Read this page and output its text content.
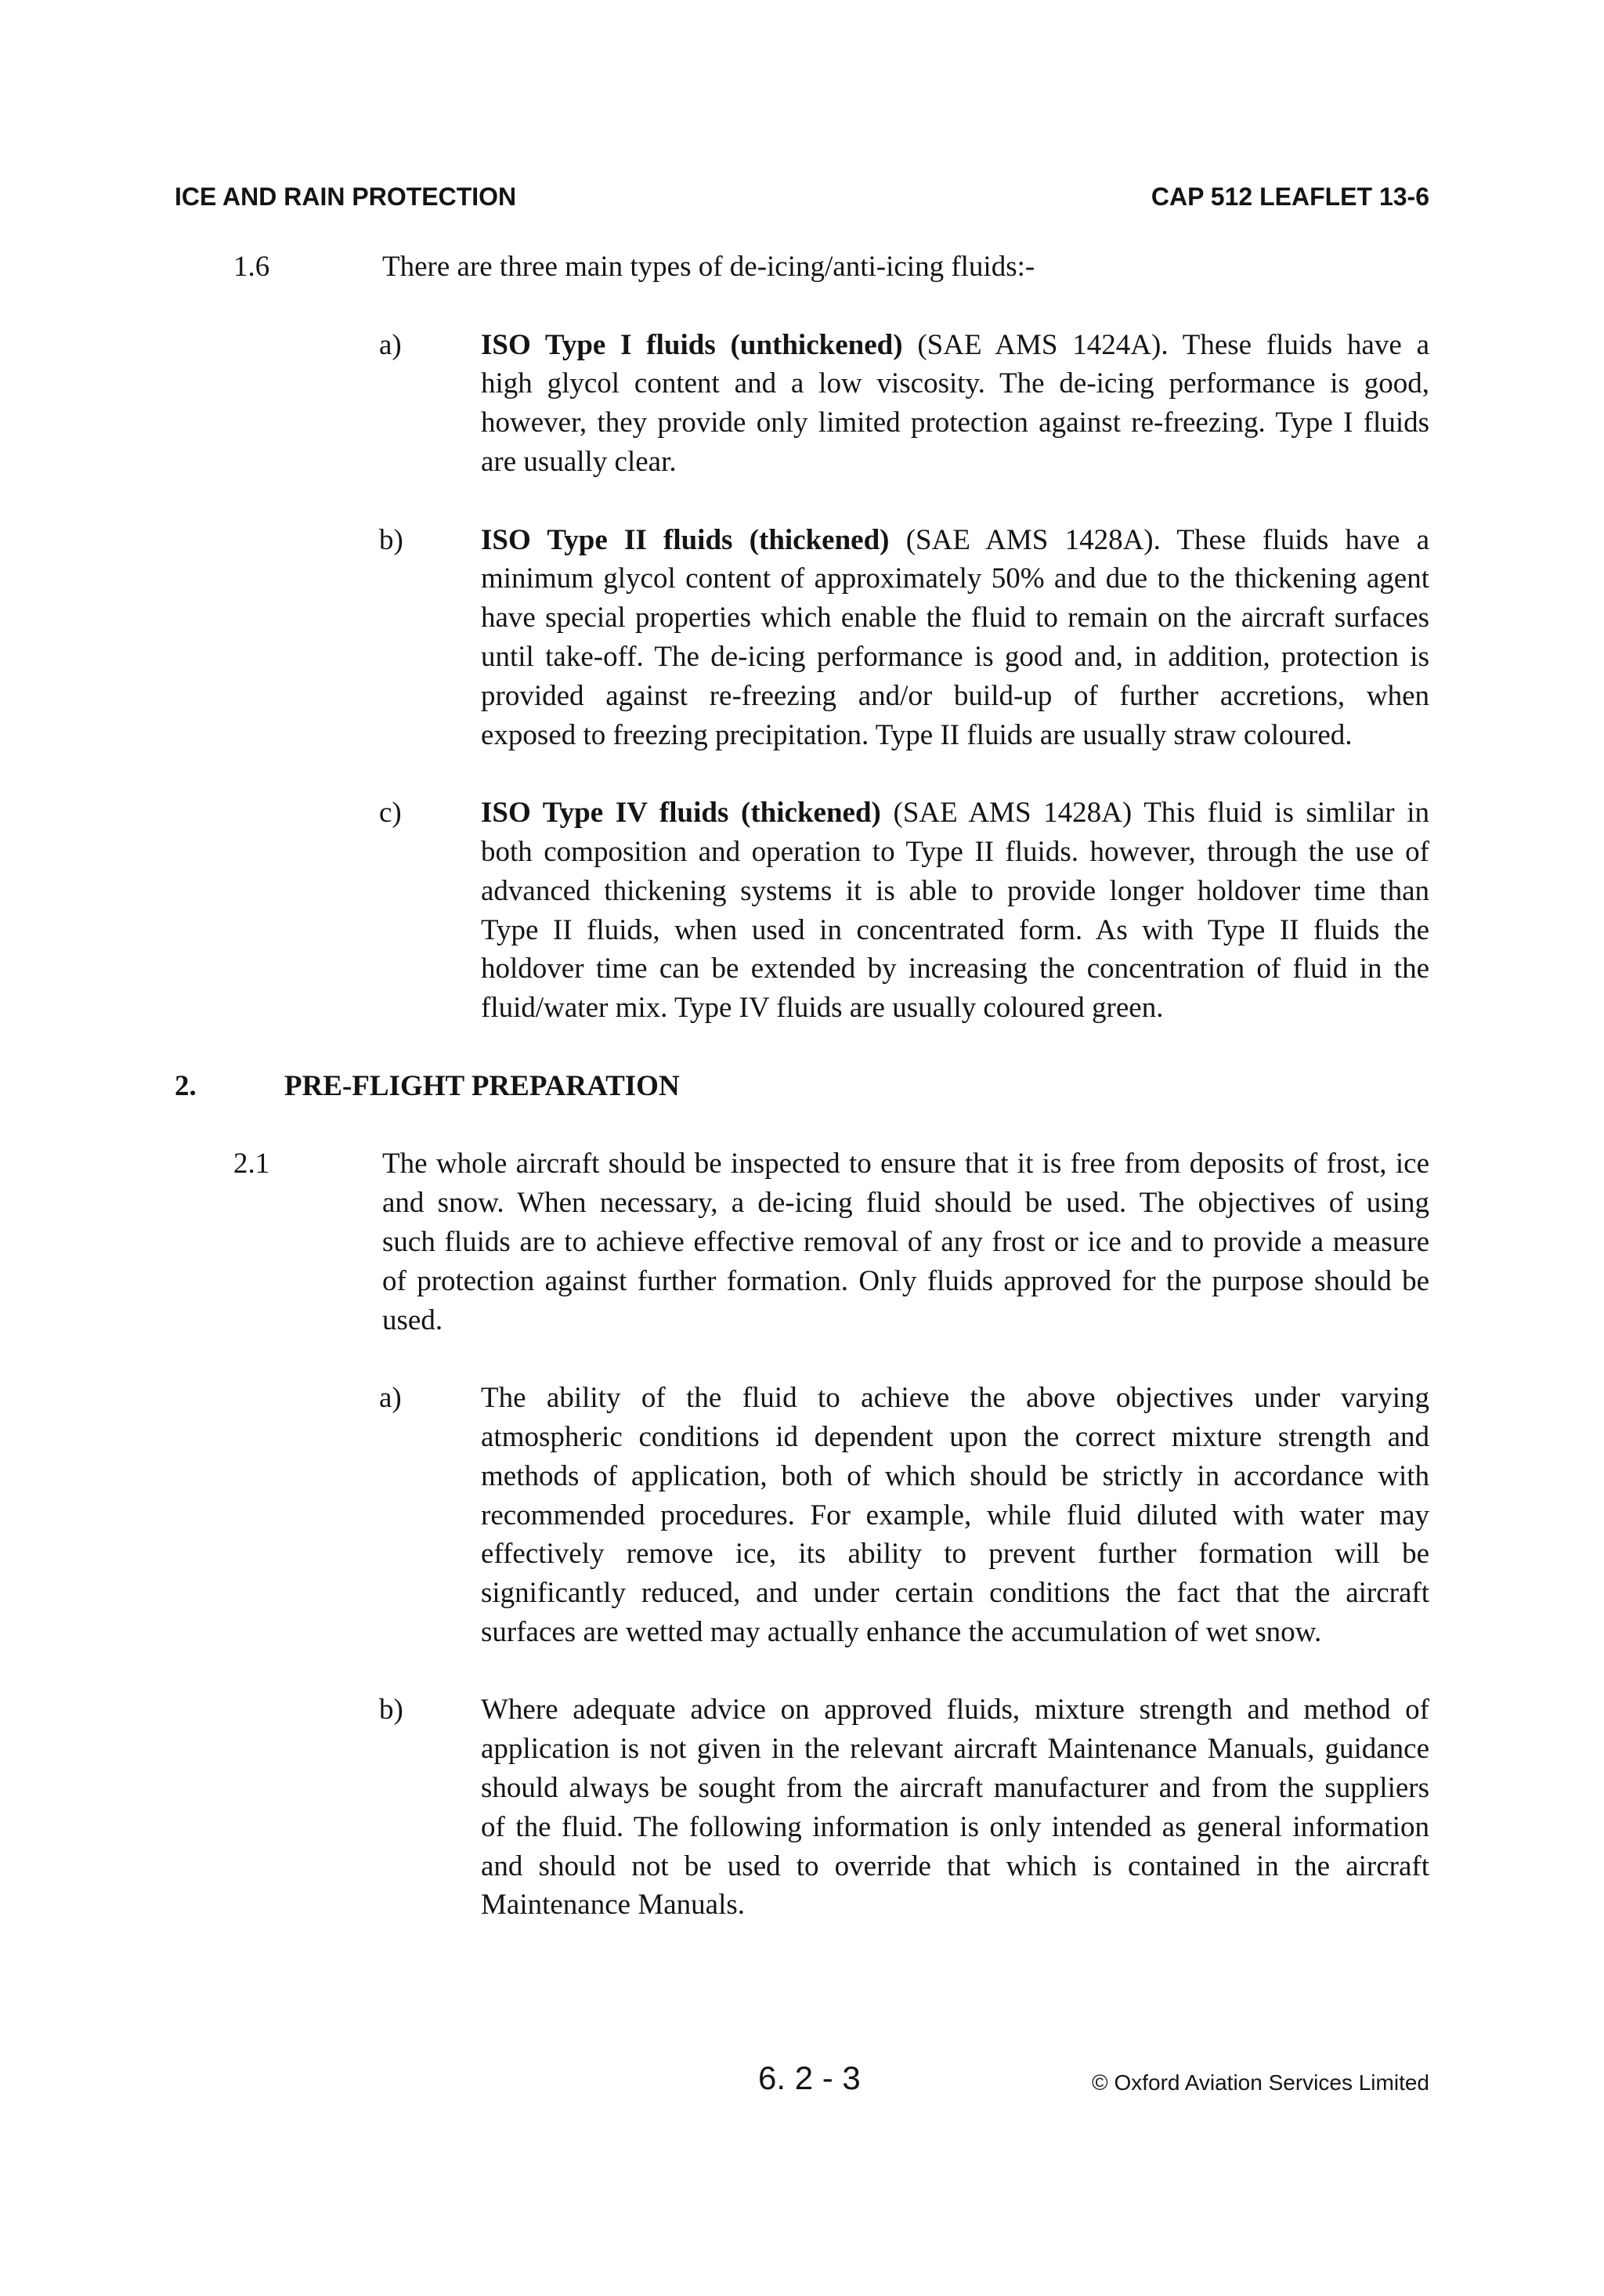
ICE AND RAIN PROTECTION	CAP 512 LEAFLET 13-6
1.6	There are three main types of de-icing/anti-icing fluids:-
a)	ISO Type I fluids (unthickened) (SAE AMS 1424A). These fluids have a
high glycol content and a low viscosity. The de-icing performance is good,
however, they provide only limited protection against re-freezing. Type I fluids
are usually clear.
b)	ISO Type II fluids (thickened) (SAE AMS 1428A). These fluids have a
minimum glycol content of approximately 50% and due to the thickening agent
have special properties which enable the fluid to remain on the aircraft surfaces
until take-off. The de-icing performance is good and, in addition, protection is
provided against re-freezing and/or build-up of further accretions, when
exposed to freezing precipitation. Type II fluids are usually straw coloured.
c)	ISO Type IV fluids (thickened) (SAE AMS 1428A) This fluid is simlilar in
both composition and operation to Type II fluids. however, through the use of
advanced thickening systems it is able to provide longer holdover time than
Type II fluids, when used in concentrated form. As with Type II fluids the
holdover time can be extended by increasing the concentration of fluid in the
fluid/water mix. Type IV fluids are usually coloured green.
2.	PRE-FLIGHT PREPARATION
2.1	The whole aircraft should be inspected to ensure that it is free from deposits of frost, ice
and snow. When necessary, a de-icing fluid should be used. The objectives of using
such fluids are to achieve effective removal of any frost or ice and to provide a measure
of protection against further formation. Only fluids approved for the purpose should be
used.
a)	The ability of the fluid to achieve the above objectives under varying
atmospheric conditions id dependent upon the correct mixture strength and
methods of application, both of which should be strictly in accordance with
recommended procedures. For example, while fluid diluted with water may
effectively remove ice, its ability to prevent further formation will be
significantly reduced, and under certain conditions the fact that the aircraft
surfaces are wetted may actually enhance the accumulation of wet snow.
b)	Where adequate advice on approved fluids, mixture strength and method of
application is not given in the relevant aircraft Maintenance Manuals, guidance
should always be sought from the aircraft manufacturer and from the suppliers
of the fluid. The following information is only intended as general information
and should not be used to override that which is contained in the aircraft
Maintenance Manuals.
6. 2 - 3	© Oxford Aviation Services Limited
